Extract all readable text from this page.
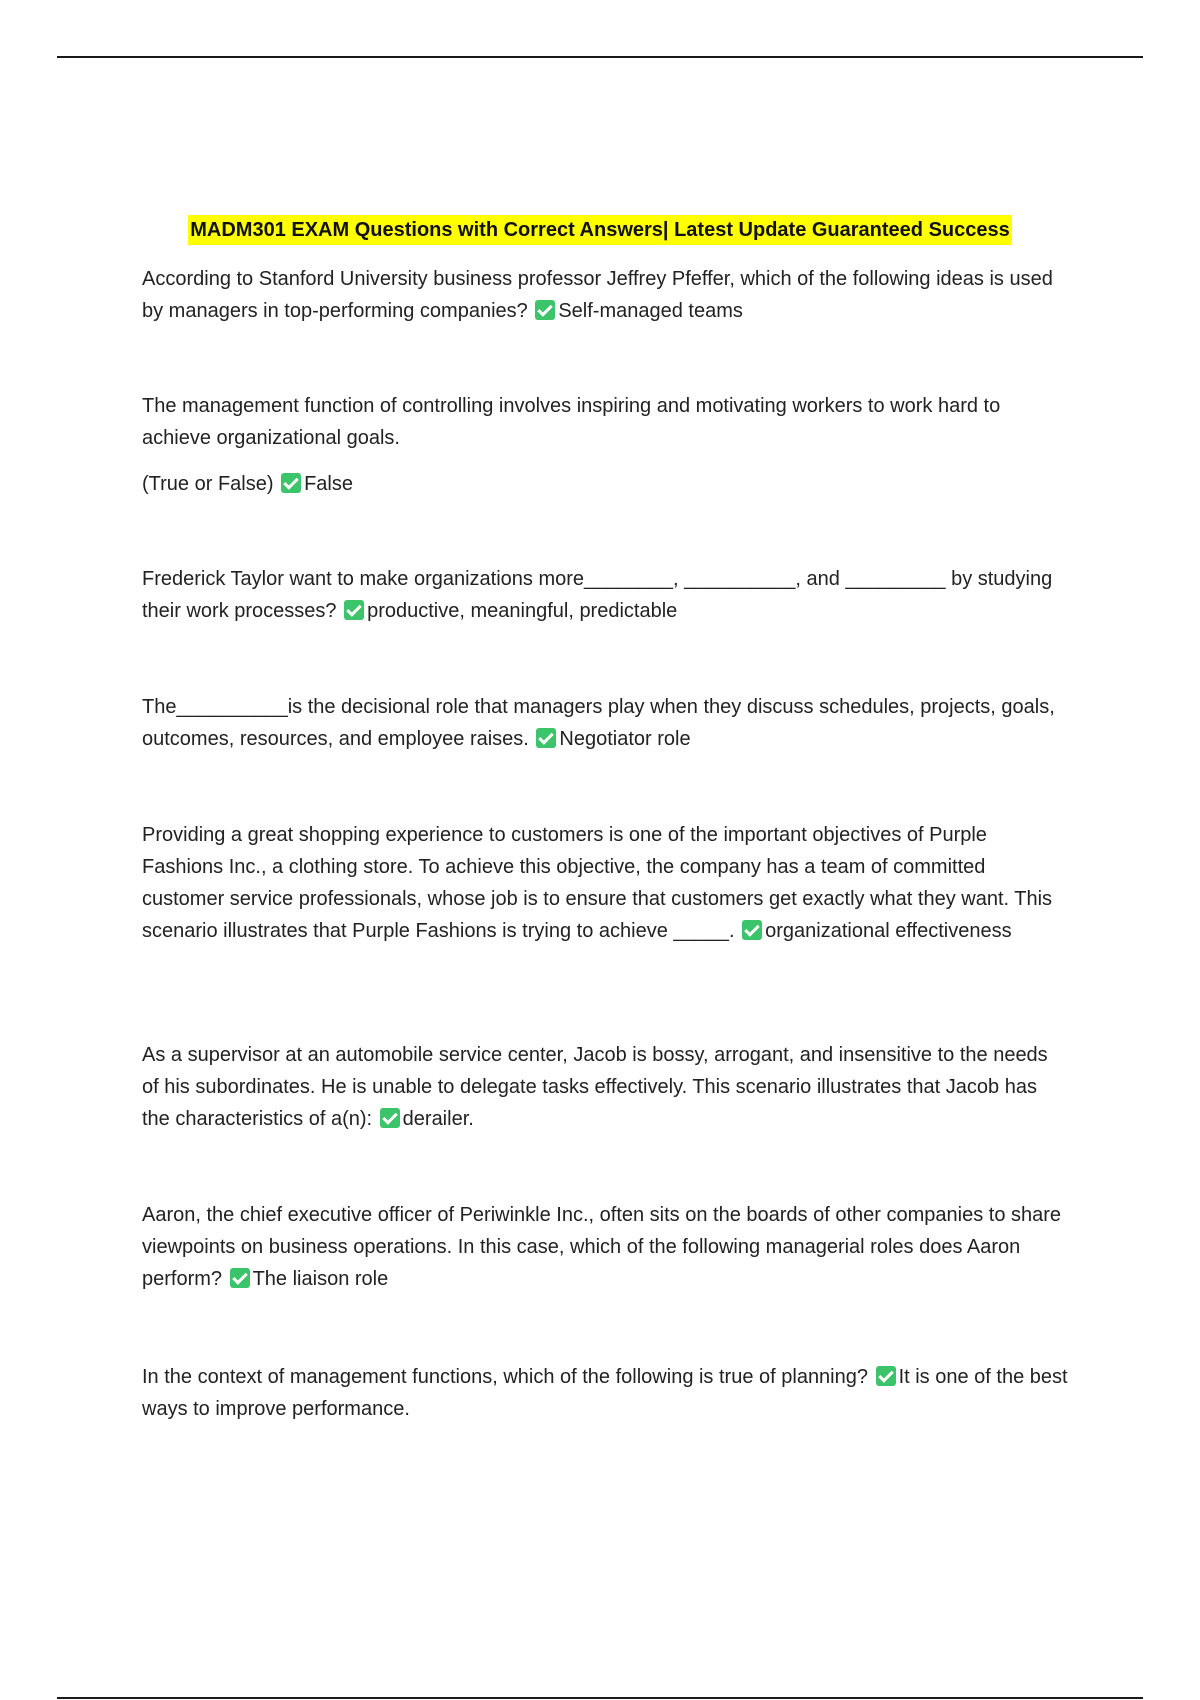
MADM301 EXAM Questions with Correct Answers| Latest Update Guaranteed Success

According to Stanford University business professor Jeffrey Pfeffer, which of the following ideas is used by managers in top-performing companies? Self-managed teams

The management function of controlling involves inspiring and motivating workers to work hard to achieve organizational goals.

(True or False) False

Frederick Taylor want to make organizations more________, __________, and _________ by studying their work processes? productive, meaningful, predictable

The__________is the decisional role that managers play when they discuss schedules, projects, goals, outcomes, resources, and employee raises. Negotiator role

Providing a great shopping experience to customers is one of the important objectives of Purple Fashions Inc., a clothing store. To achieve this objective, the company has a team of committed customer service professionals, whose job is to ensure that customers get exactly what they want. This scenario illustrates that Purple Fashions is trying to achieve _____. organizational effectiveness

As a supervisor at an automobile service center, Jacob is bossy, arrogant, and insensitive to the needs of his subordinates. He is unable to delegate tasks effectively. This scenario illustrates that Jacob has the characteristics of a(n): derailer.

Aaron, the chief executive officer of Periwinkle Inc., often sits on the boards of other companies to share viewpoints on business operations. In this case, which of the following managerial roles does Aaron perform? The liaison role

In the context of management functions, which of the following is true of planning? It is one of the best ways to improve performance.
